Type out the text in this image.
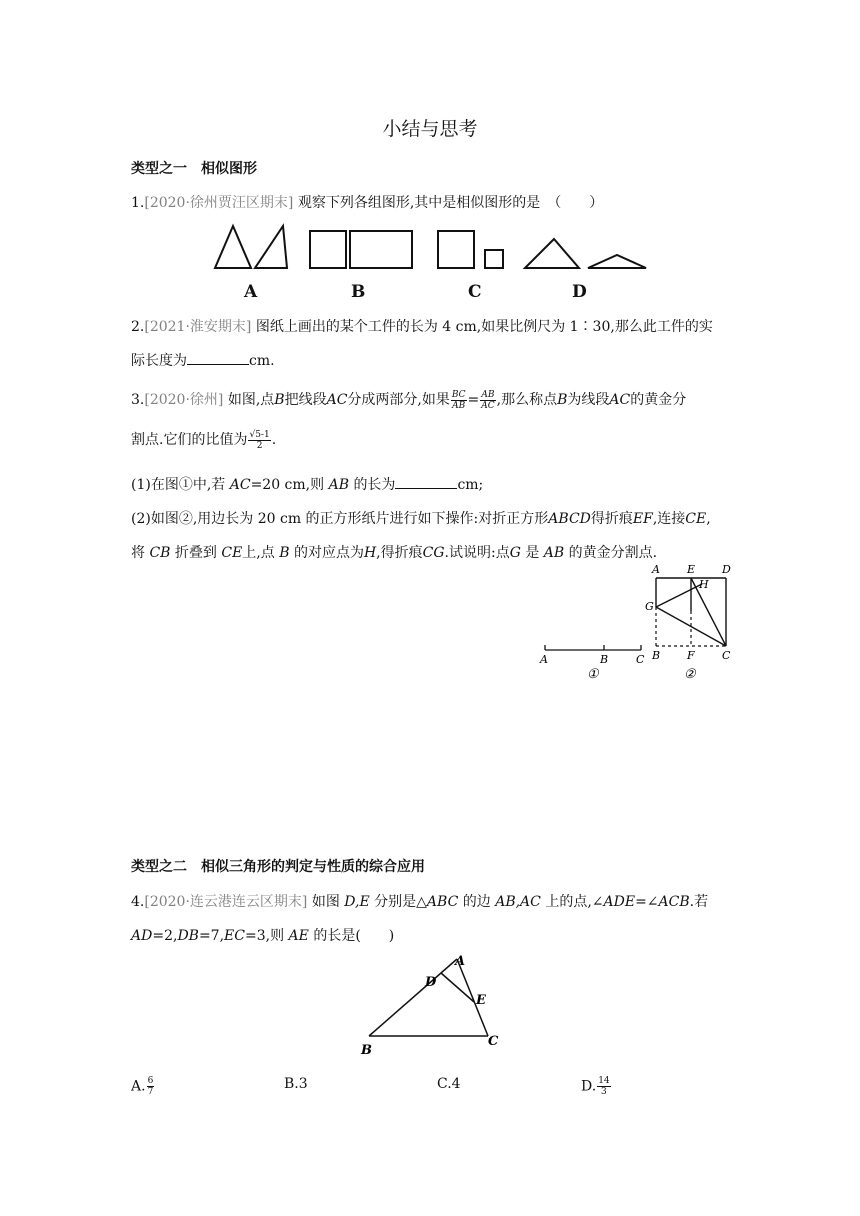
小结与思考
类型之一　相似图形
1.[2020·徐州贾汪区期末] 观察下列各组图形,其中是相似图形的是　（　　）
A	B	C	D
2.[2021·淮安期末] 图纸上画出的某个工件的长为 4 cm,如果比例尺为 1∶30,那么此工件的实
际长度为	cm.
3.[2020·徐州] 如图,点B把线段AC分成两部分,如果 $\frac{BC}{AB} = \frac{AB}{AC}$ ,那么称点B为线段AC的黄金分
割点.它们的比值为 $\frac{√5-1}{2}$ .
(1)在图①中,若 AC=20 cm,则 AB 的长为	cm;
(2)如图②,用边长为 20 cm 的正方形纸片进行如下操作:对折正方形ABCD得折痕EF,连接CE,
将 CB 折叠到 CE上,点 B 的对应点为H,得折痕CG.试说明:点G 是 AB 的黄金分割点.
A	B	C
①
A E D
H
G
B F C
②
类型之二　相似三角形的判定与性质的综合应用
4.[2020·连云港连云区期末] 如图 D,E 分别是△ABC 的边 AB,AC 上的点,∠ADE=∠ACB.若
AD=2,DB=7,EC=3,则 AE 的长是(　　)
A
D
E
B
C
A. $\frac{6}{7}$	B.3	C.4	D. $\frac{14}{3}$
